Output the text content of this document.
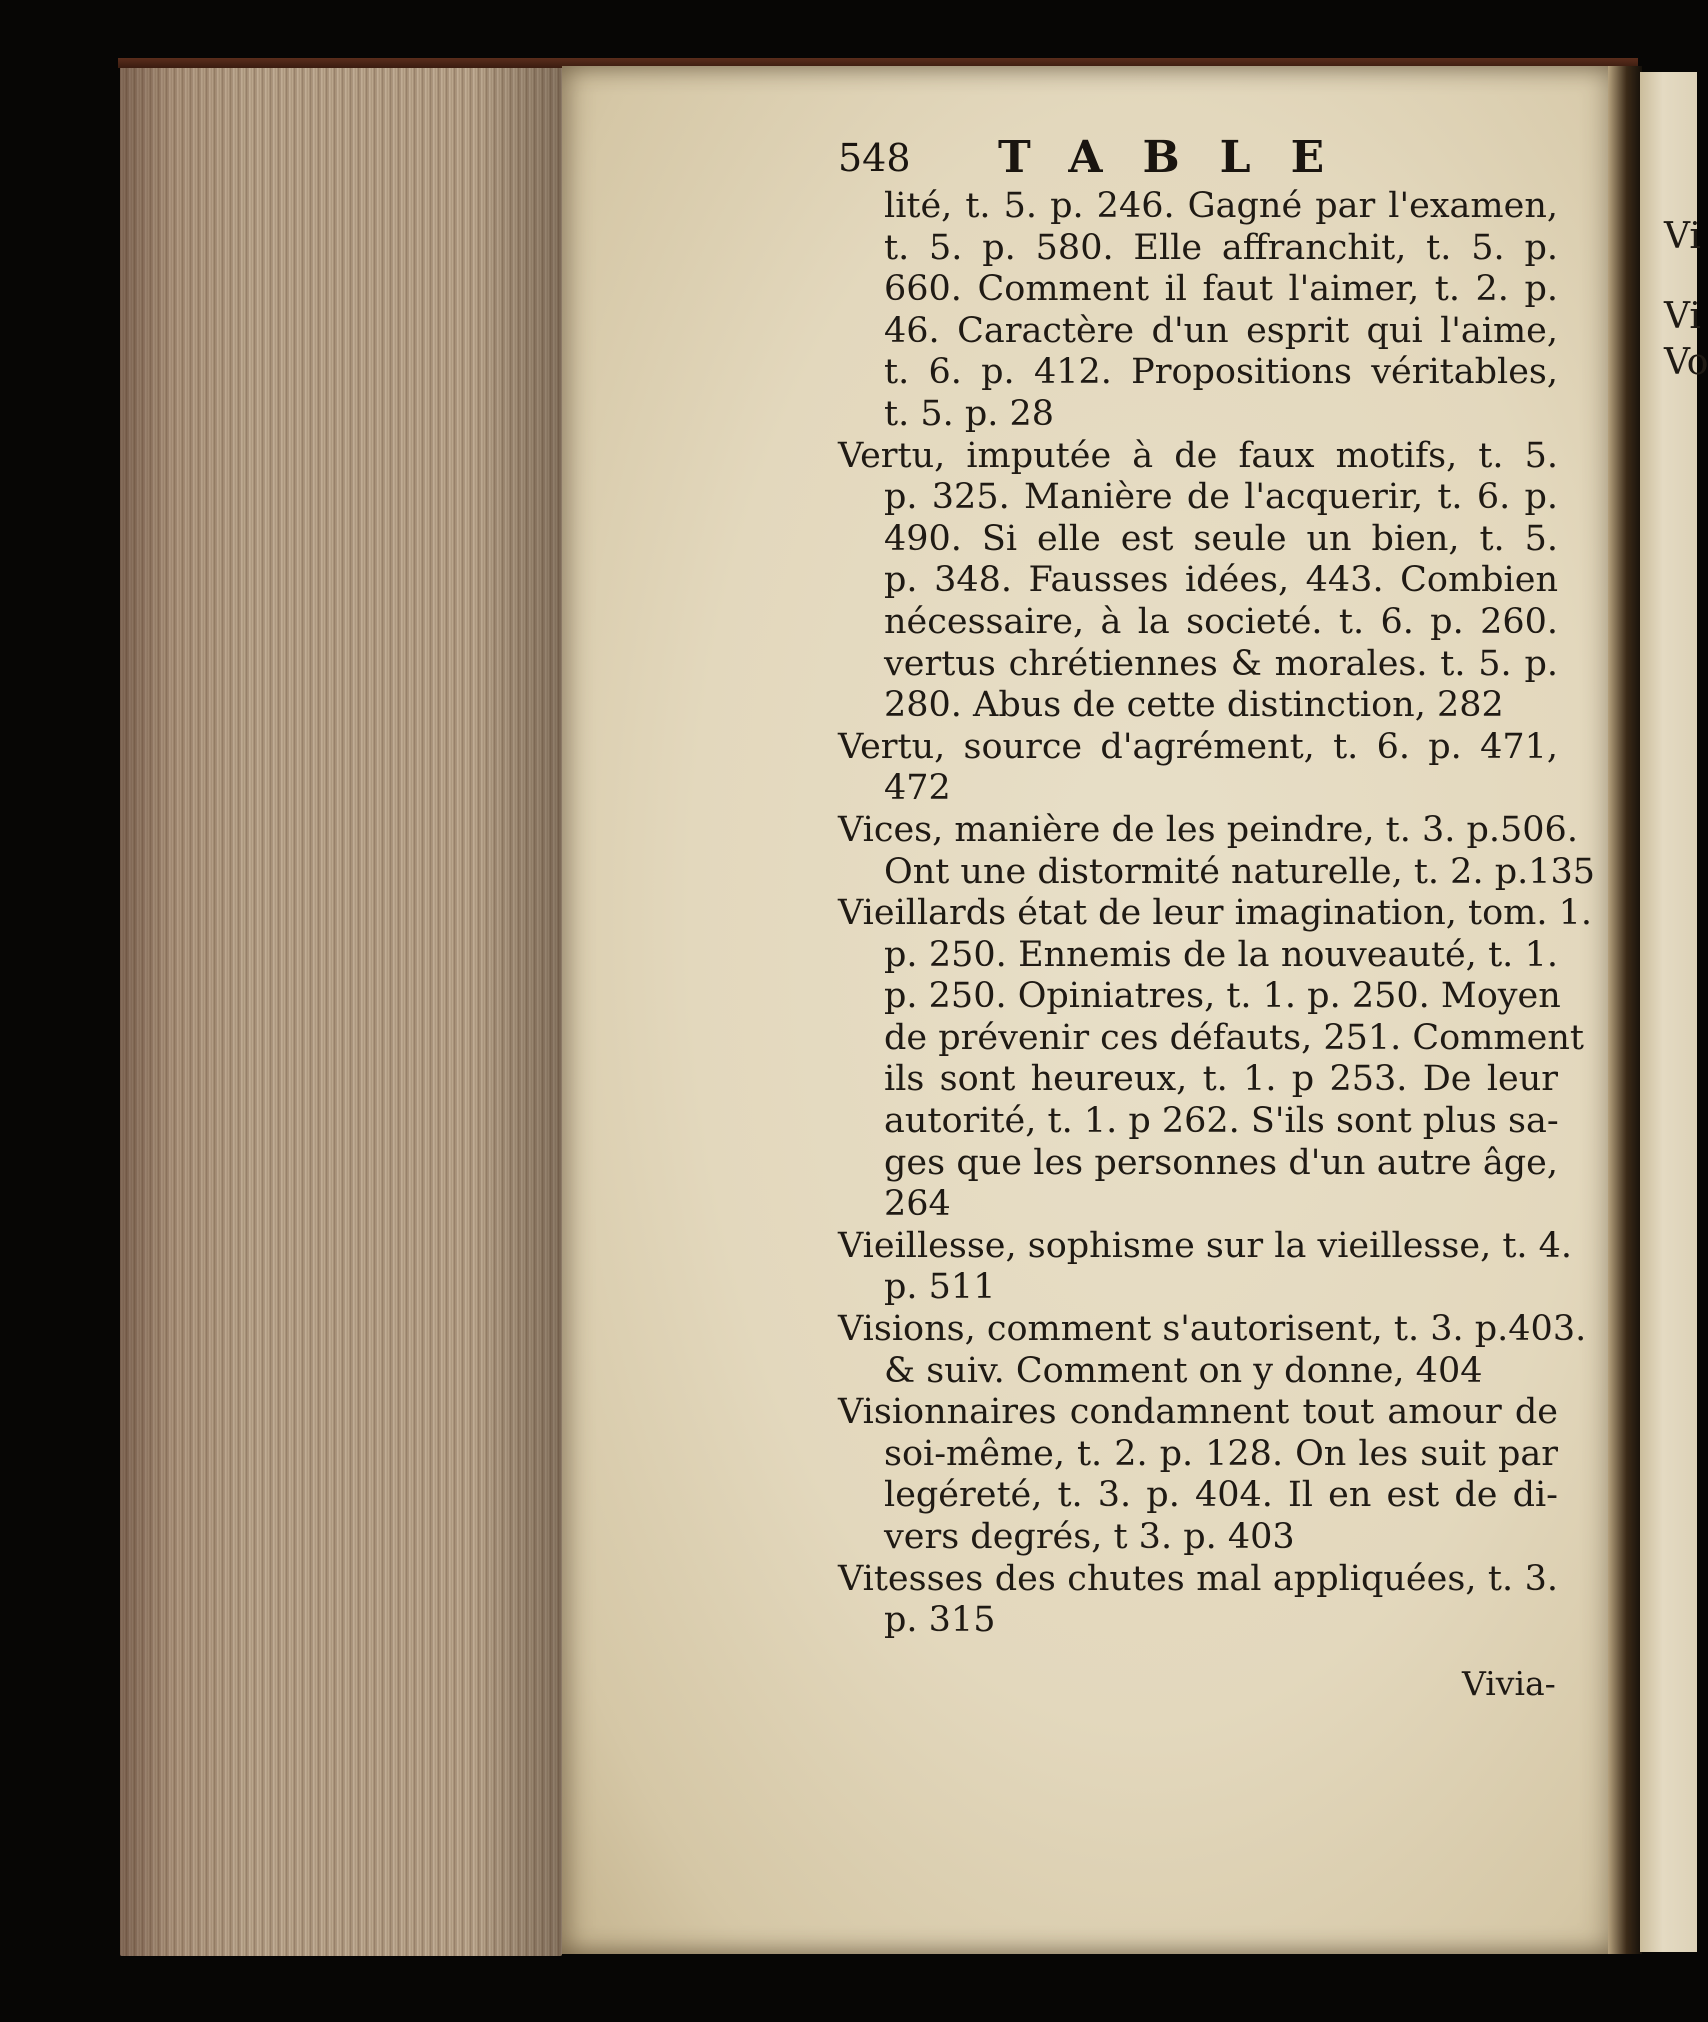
548 TABLE
lité, t. 5. p. 246. Gagné par l'examen,
t. 5. p. 580. Elle affranchit, t. 5. p.
660. Comment il faut l'aimer, t. 2. p.
46. Caractère d'un esprit qui l'aime,
t. 6. p. 412. Propositions véritables,
t. 5. p. 28
Vertu, imputée à de faux motifs, t. 5.
p. 325. Manière de l'acquerir, t. 6. p.
490. Si elle est seule un bien, t. 5.
p. 348. Fausses idées, 443. Combien
nécessaire, à la societé. t. 6. p. 260.
vertus chrétiennes & morales. t. 5. p.
280. Abus de cette distinction, 282
Vertu, source d'agrément, t. 6. p. 471,
472
Vices, manière de les peindre, t. 3. p.506.
Ont une distormité naturelle, t. 2. p.135
Vieillards état de leur imagination, tom. 1.
p. 250. Ennemis de la nouveauté, t. 1.
p. 250. Opiniatres, t. 1. p. 250. Moyen
de prévenir ces défauts, 251. Comment
ils sont heureux, t. 1. p 253. De leur
autorité, t. 1. p 262. S'ils sont plus sa-
ges que les personnes d'un autre âge,
264
Vieillesse, sophisme sur la vieillesse, t. 4.
p. 511
Visions, comment s'autorisent, t. 3. p.403.
& suiv. Comment on y donne, 404
Visionnaires condamnent tout amour de
soi-même, t. 2. p. 128. On les suit par
legéreté, t. 3. p. 404. Il en est de di-
vers degrés, t 3. p. 403
Vitesses des chutes mal appliquées, t. 3.
p. 315
Vivia-
Vi
Vi
Vo
